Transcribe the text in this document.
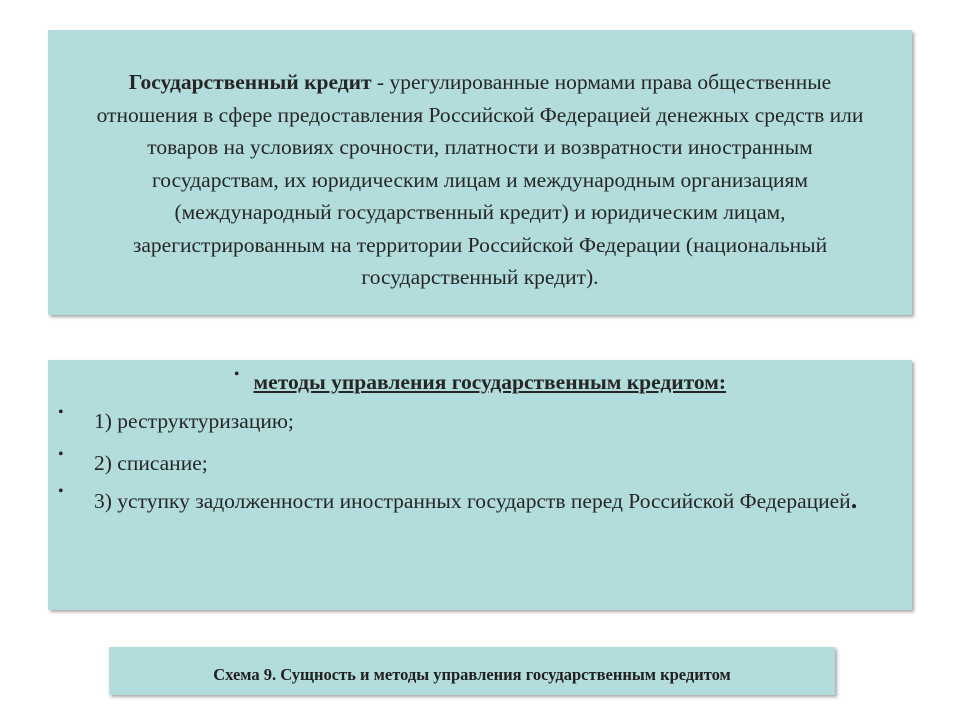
Государственный кредит - урегулированные нормами права общественные отношения в сфере предоставления Российской Федерацией денежных средств или товаров на условиях срочности, платности и возвратности иностранным государствам, их юридическим лицам и международным организациям (международный государственный кредит) и юридическим лицам, зарегистрированным на территории Российской Федерации (национальный государственный кредит).
• методы управления государственным кредитом:
• 1) реструктуризацию;
• 2) списание;
• 3) уступку задолженности иностранных государств перед Российской Федерацией.
Схема 9. Сущность и методы управления государственным кредитом
